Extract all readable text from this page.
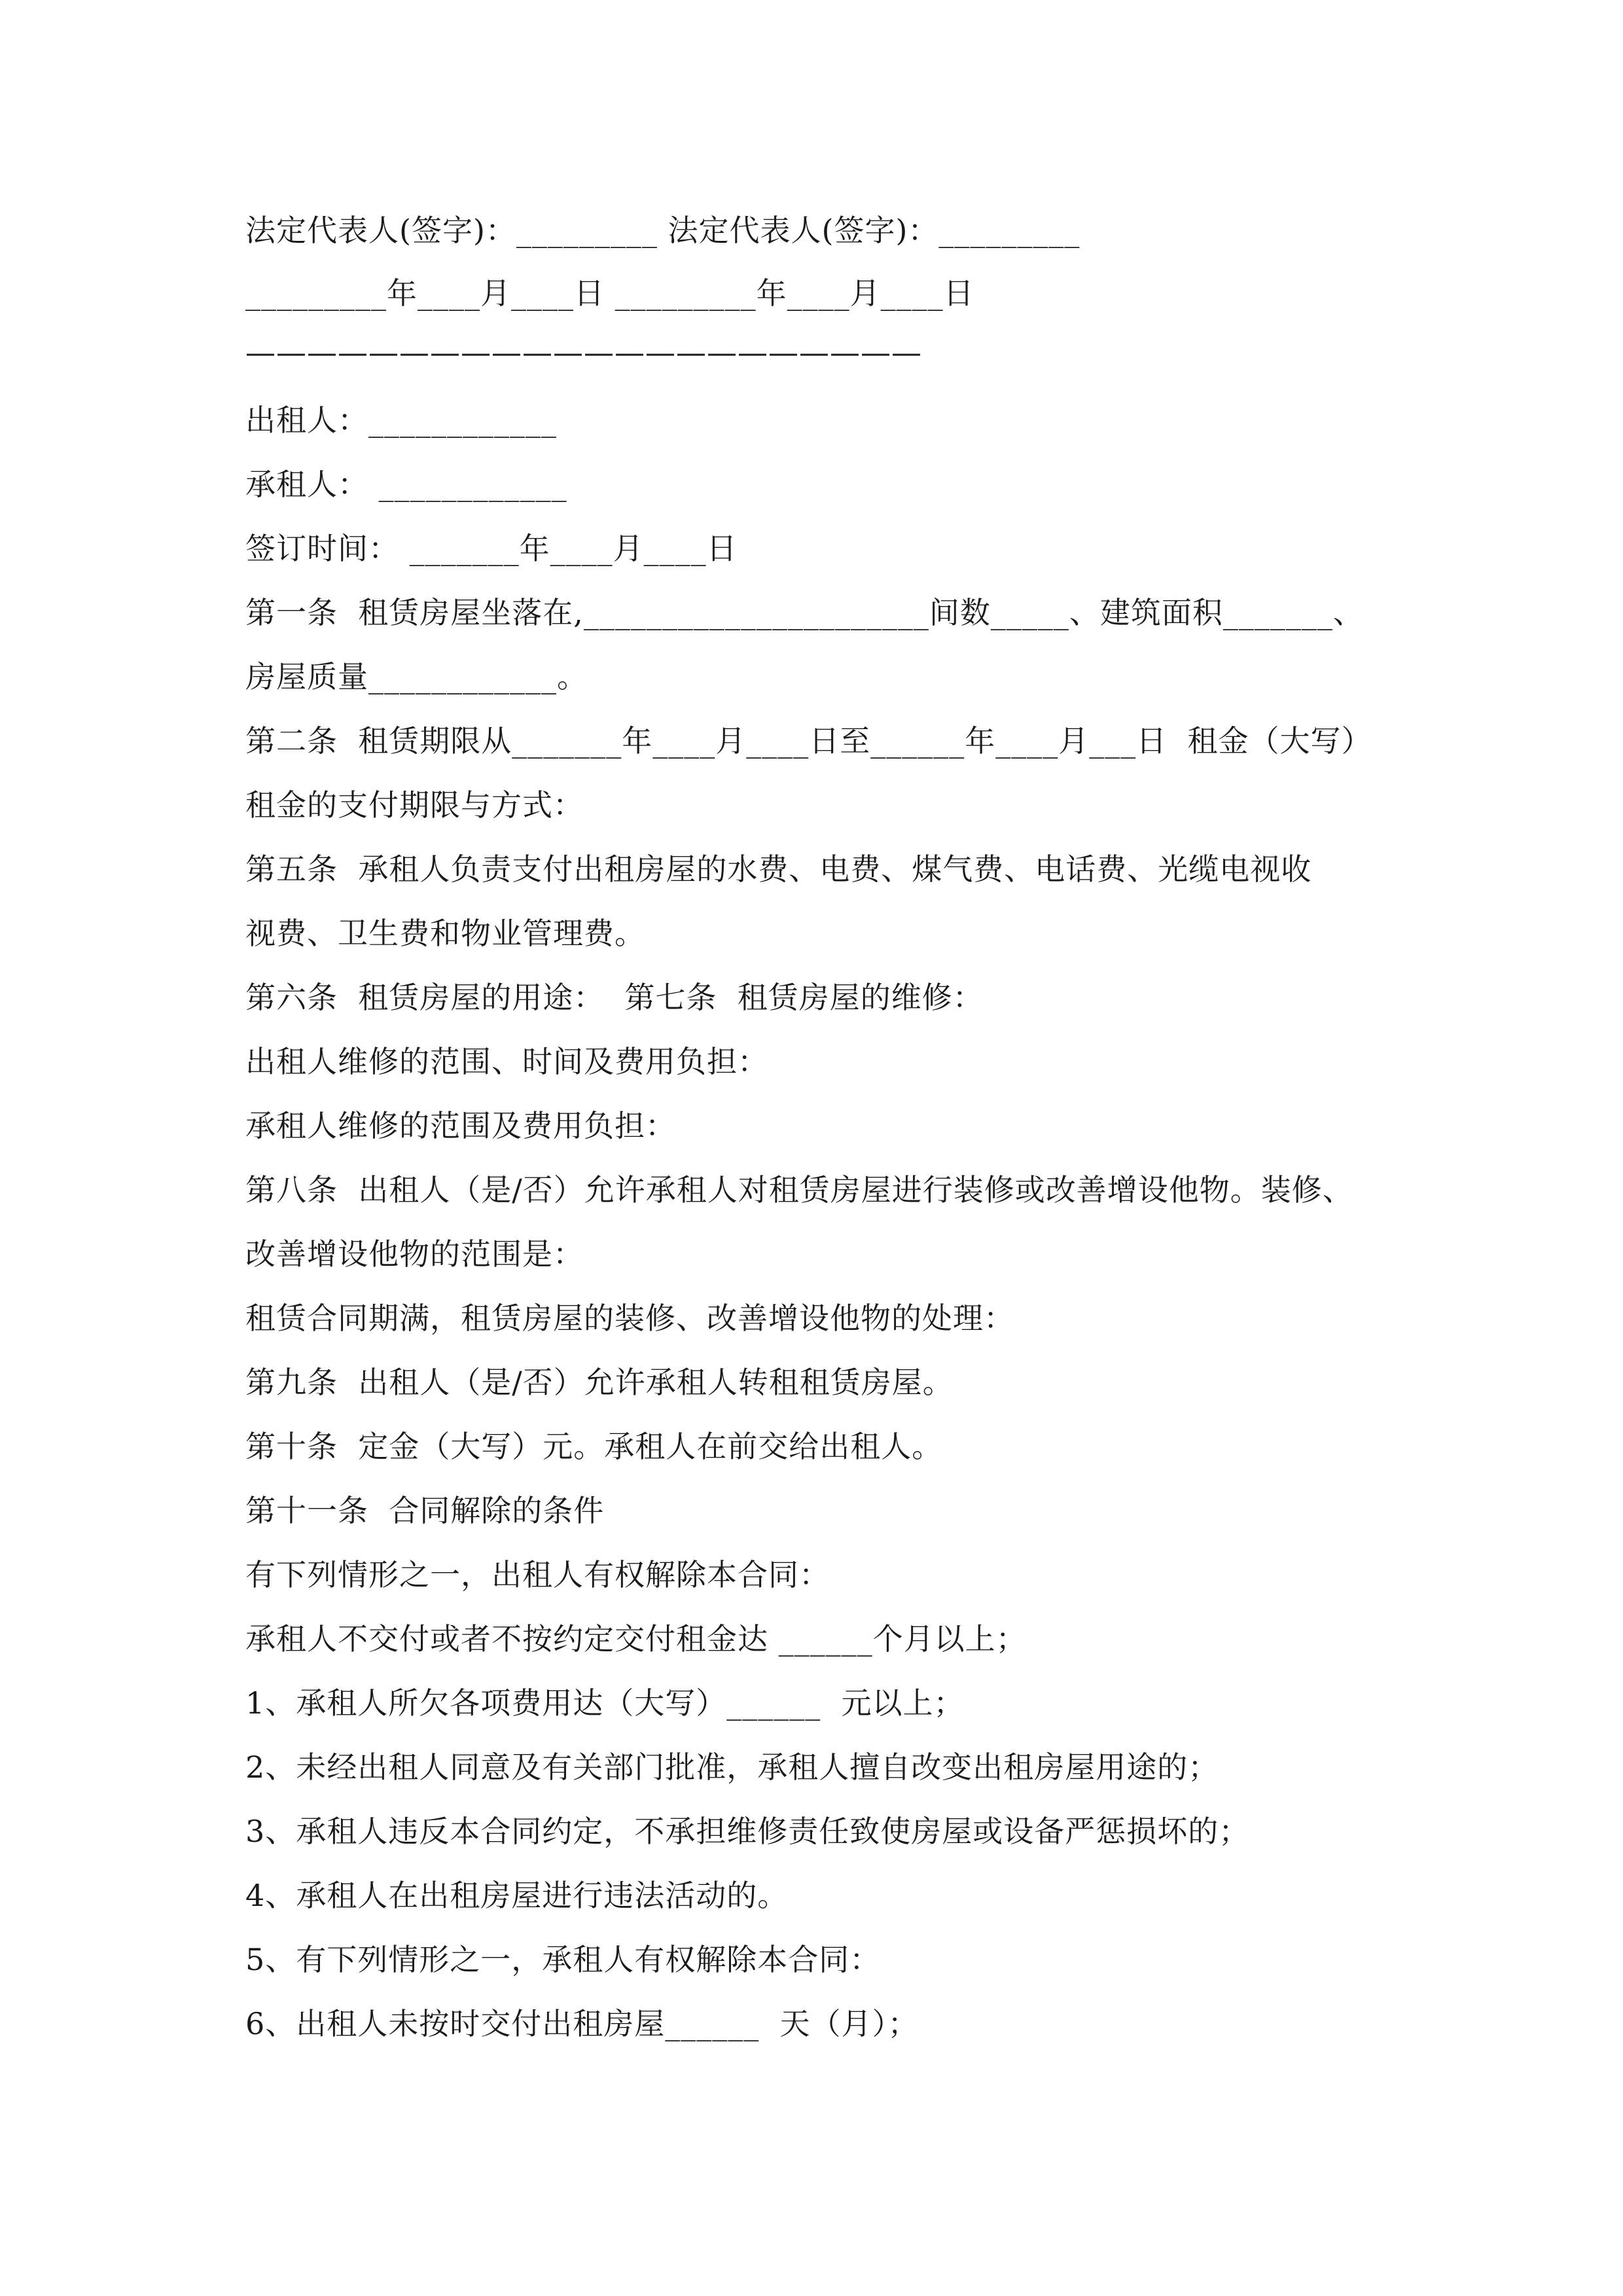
法定代表人(签字)：_________ 法定代表人(签字)：_________
_________年____月____日 _________年____月____日
——————————————————————
出租人：____________
承租人： ____________
签订时间： _______年____月____日
第一条  租赁房屋坐落在,______________________间数_____、建筑面积_______、
房屋质量____________。
第二条  租赁期限从_______年____月____日至______年____月___日  租金（大写）
租金的支付期限与方式：
第五条  承租人负责支付出租房屋的水费、电费、煤气费、电话费、光缆电视收
视费、卫生费和物业管理费。
第六条  租赁房屋的用途：  第七条  租赁房屋的维修：
出租人维修的范围、时间及费用负担：
承租人维修的范围及费用负担：
第八条  出租人（是/否）允许承租人对租赁房屋进行装修或改善增设他物。装修、
改善增设他物的范围是：
租赁合同期满，租赁房屋的装修、改善增设他物的处理：
第九条  出租人（是/否）允许承租人转租租赁房屋。
第十条  定金（大写）元。承租人在前交给出租人。
第十一条  合同解除的条件
有下列情形之一，出租人有权解除本合同：
承租人不交付或者不按约定交付租金达 ______个月以上；
1、承租人所欠各项费用达（大写）______  元以上；
2、未经出租人同意及有关部门批准，承租人擅自改变出租房屋用途的；
3、承租人违反本合同约定，不承担维修责任致使房屋或设备严惩损坏的；
4、承租人在出租房屋进行违法活动的。
5、有下列情形之一，承租人有权解除本合同：
6、出租人未按时交付出租房屋______  天（月）；
